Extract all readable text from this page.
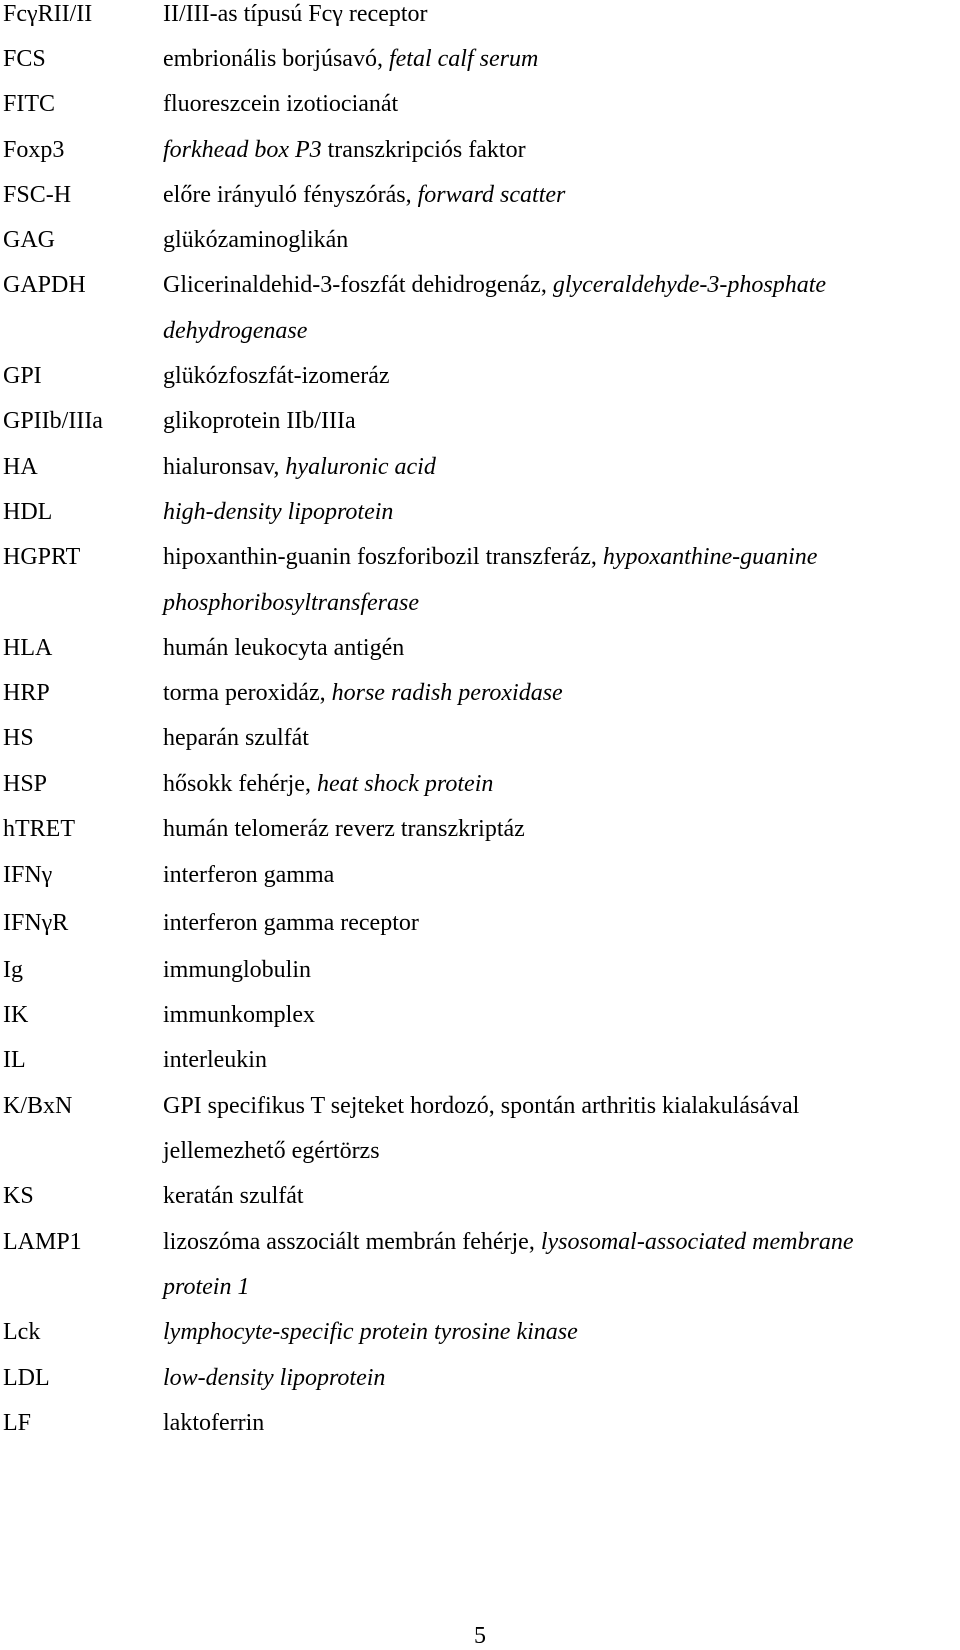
FcγRII/II	II/III-as típusú Fcγ receptor
FCS	embrionális borjúsavó, fetal calf serum
FITC	fluoreszcein izotiocianát
Foxp3	forkhead box P3 transzkripciós faktor
FSC-H	előre irányuló fényszórás, forward scatter
GAG	glükózaminoglikán
GAPDH	Glicerinaldehid-3-foszfát dehidrogenáz, glyceraldehyde-3-phosphate
dehydrogenase
GPI	glükózfoszfát-izomeráz
GPIIb/IIIa	glikoprotein IIb/IIIa
HA	hialuronsav, hyaluronic acid
HDL	high-density lipoprotein
HGPRT	hipoxanthin-guanin foszforibozil transzferáz, hypoxanthine-guanine
phosphoribosyltransferase
HLA	humán leukocyta antigén
HRP	torma peroxidáz, horse radish peroxidase
HS	heparán szulfát
HSP	hősokk fehérje, heat shock protein
hTRET	humán telomeráz reverz transzkriptáz
IFNγ	interferon gamma
IFNγR	interferon gamma receptor
Ig	immunglobulin
IK	immunkomplex
IL	interleukin
K/BxN	GPI specifikus T sejteket hordozó, spontán arthritis kialakulásával
jellemezhető egértörzs
KS	keratán szulfát
LAMP1	lizoszóma asszociált membrán fehérje, lysosomal-associated membrane
protein 1
Lck	lymphocyte-specific protein tyrosine kinase
LDL	low-density lipoprotein
LF	laktoferrin
5
